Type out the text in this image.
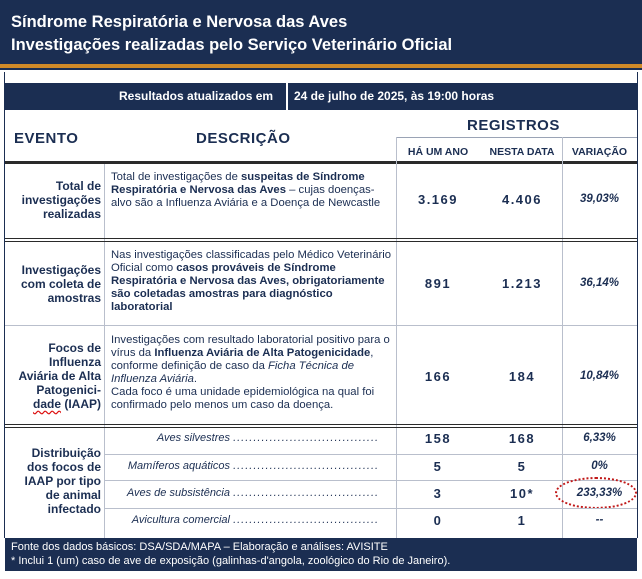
Síndrome Respiratória e Nervosa das Aves
Investigações realizadas pelo Serviço Veterinário Oficial
Resultados atualizados em 24 de julho de 2025, às 19:00 horas
EVENTO	DESCRIÇÃO
REGISTROS
HÁ UM ANO	NESTA DATA	VARIAÇÃO
Total de
investigações
realizadas
Total de investigações de suspeitas de Síndrome Respiratória e Nervosa das Aves – cujas doenças-alvo são a Influenza Aviária e a Doença de Newcastle	3.169	4.406	39,03%
Investigações
com coleta de
amostras
Nas investigações classificadas pelo Médico Veterinário Oficial como casos prováveis de Síndrome Respiratória e Nervosa das Aves, obrigatoriamente são coletadas amostras para diagnóstico laboratorial
891	1.213	36,14%
Focos de
Influenza
Aviária de Alta
Patogenici-
dade (IAAP)
Investigações com resultado laboratorial positivo para o vírus da Influenza Aviária de Alta Patogenicidade, conforme definição de caso da Ficha Técnica de Influenza Aviária.
Cada foco é uma unidade epidemiológica na qual foi confirmado pelo menos um caso da doença.
166	184	10,84%
Distribuição
dos focos de
IAAP por tipo
de animal
infectado
Aves silvestres ....................................	158	168	6,33%
Mamíferos aquáticos ....................................	5	5	0%
Aves de subsistência ....................................	3	10*	233,33%
Avicultura comercial ....................................	0	1	--
Fonte dos dados básicos: DSA/SDA/MAPA – Elaboração e análises: AVISITE
* Inclui 1 (um) caso de ave de exposição (galinhas-d'angola, zoológico do Rio de Janeiro).
